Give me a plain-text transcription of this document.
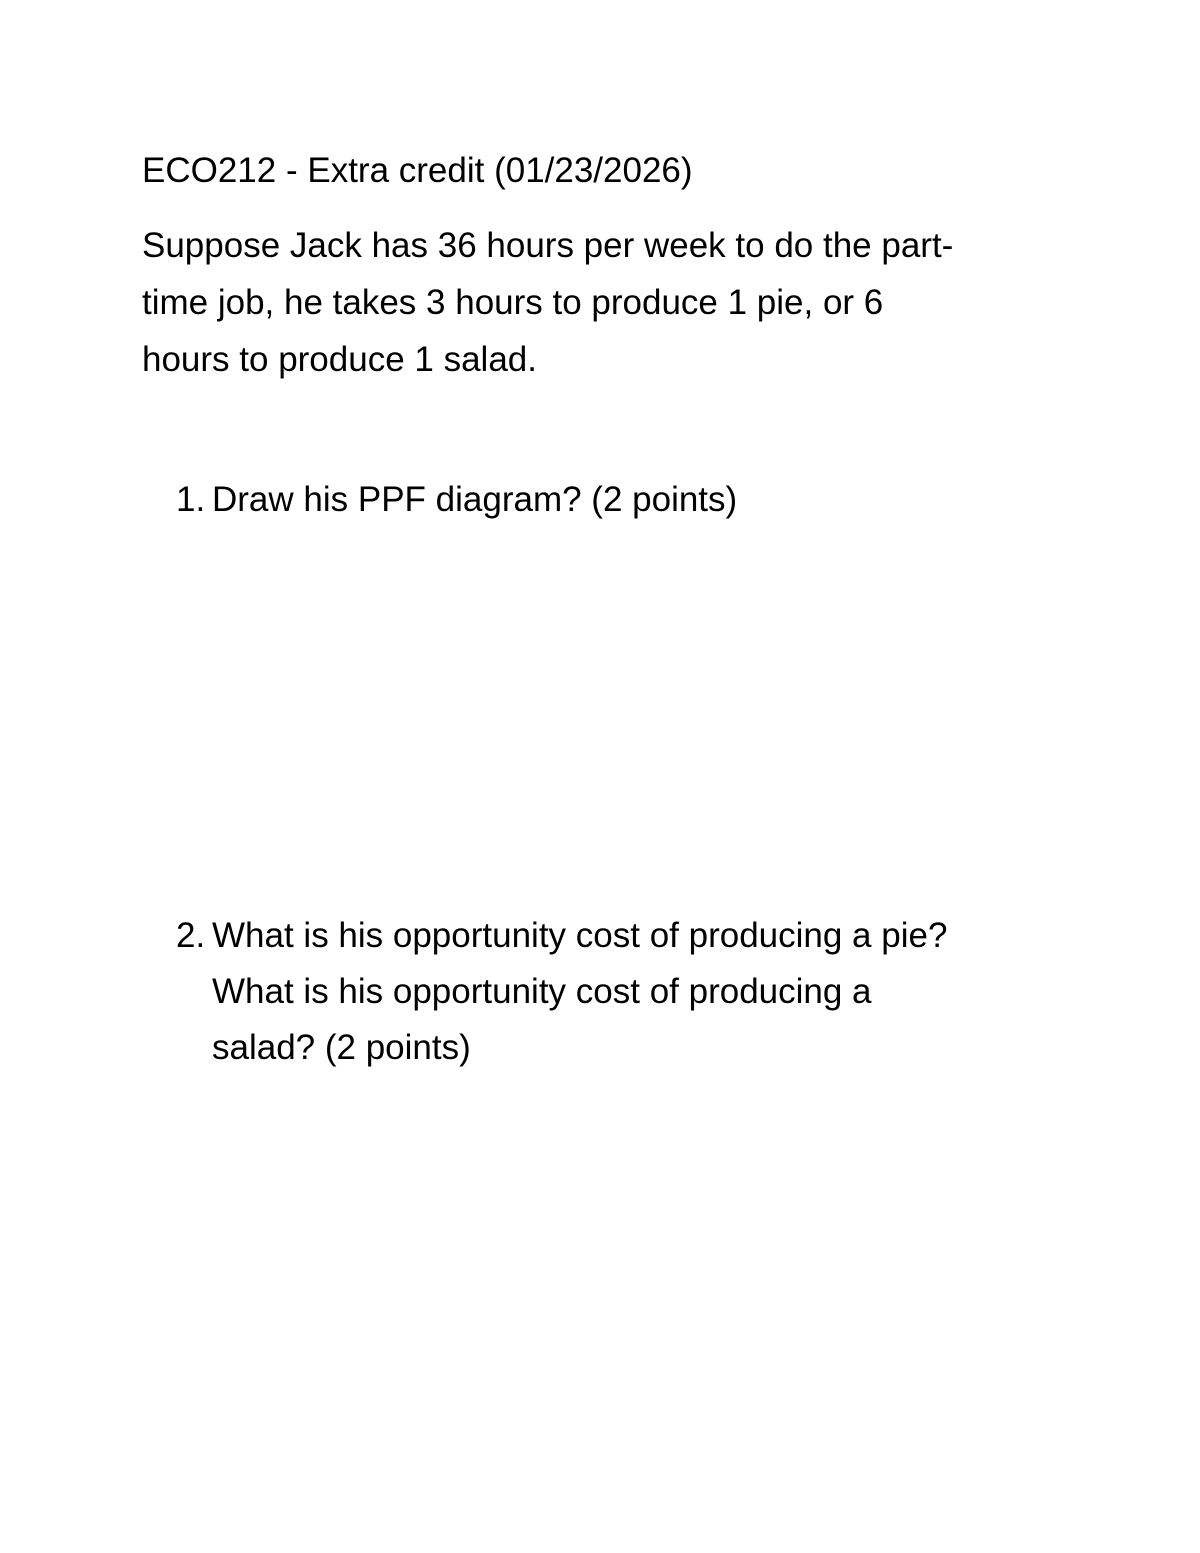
ECO212 - Extra credit (01/23/2026)
Suppose Jack has 36 hours per week to do the part-
time job, he takes 3 hours to produce 1 pie, or 6
hours to produce 1 salad.
1. Draw his PPF diagram? (2 points)
2. What is his opportunity cost of producing a pie?
What is his opportunity cost of producing a
salad? (2 points)
